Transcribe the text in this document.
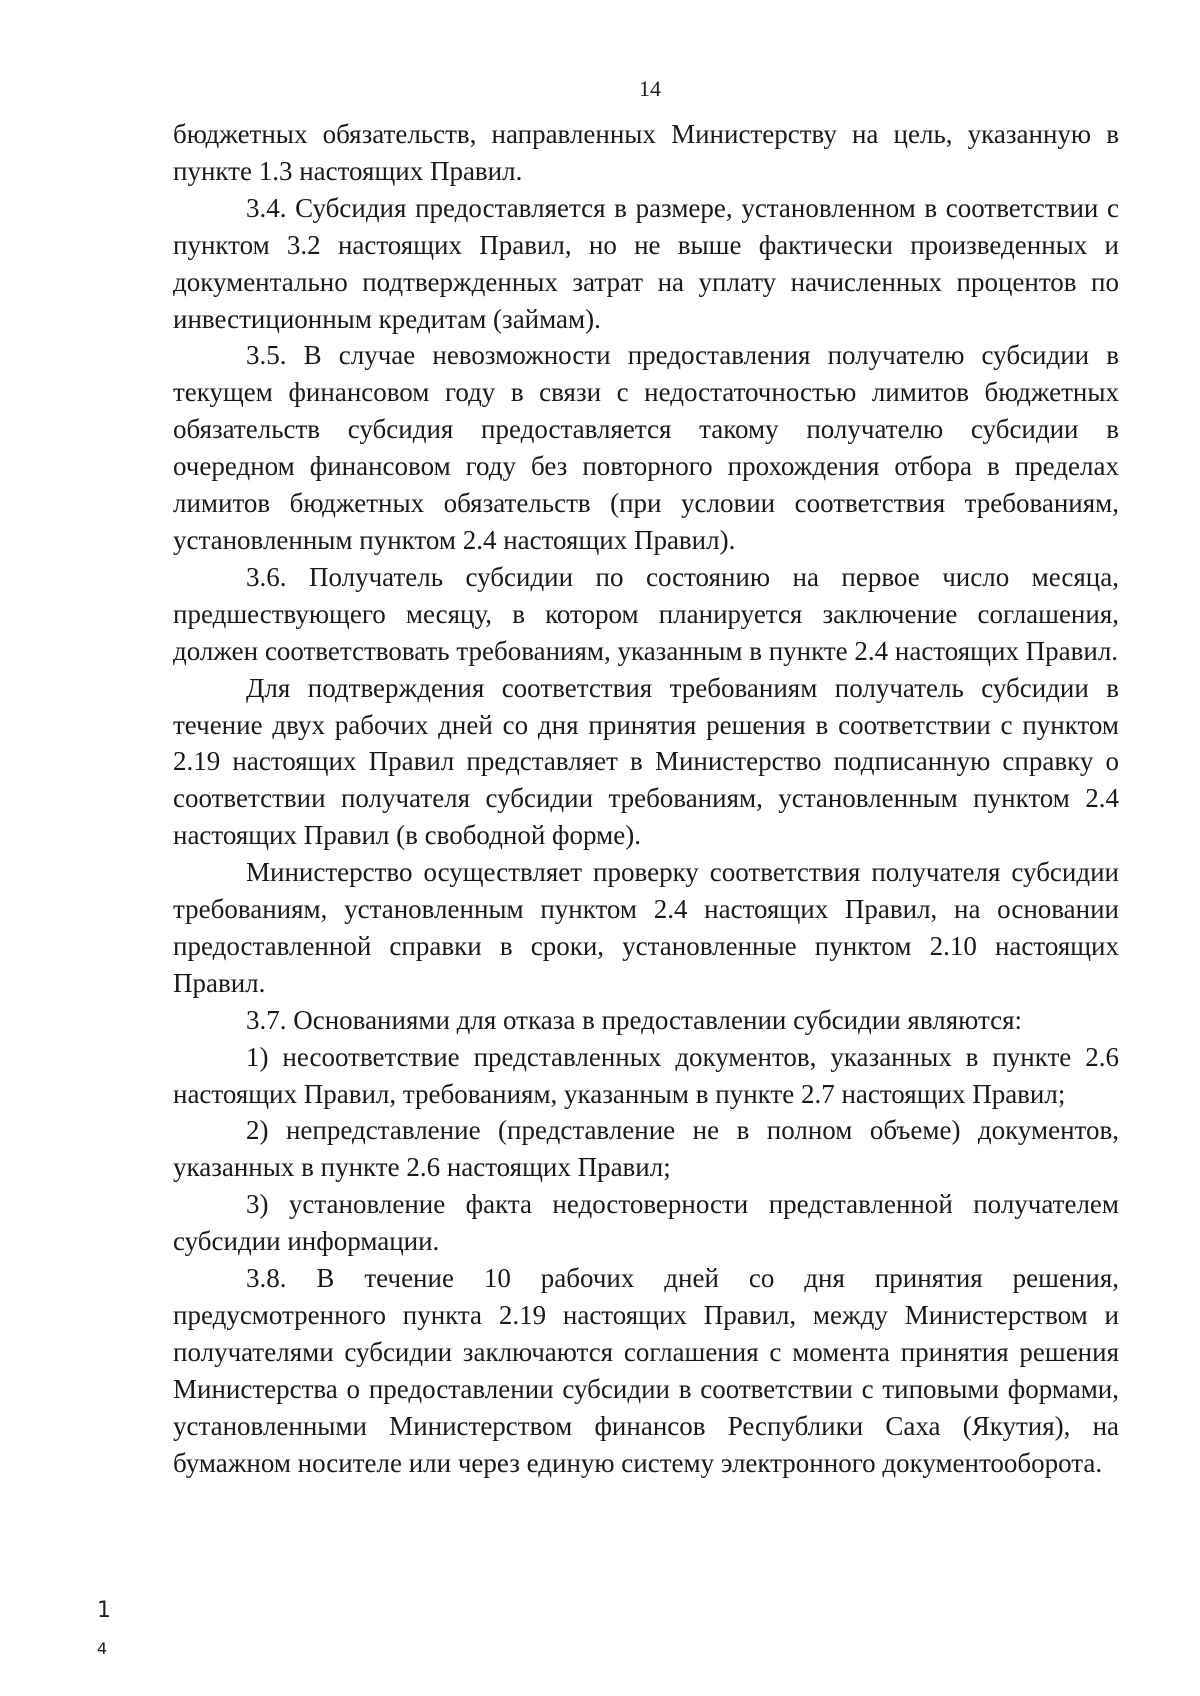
14

бюджетных обязательств, направленных Министерству на цель, указанную в пункте 1.3 настоящих Правил.

3.4. Субсидия предоставляется в размере, установленном в соответствии с пунктом 3.2 настоящих Правил, но не выше фактически произведенных и документально подтвержденных затрат на уплату начисленных процентов по инвестиционным кредитам (займам).

3.5. В случае невозможности предоставления получателю субсидии в текущем финансовом году в связи с недостаточностью лимитов бюджетных обязательств субсидия предоставляется такому получателю субсидии в очередном финансовом году без повторного прохождения отбора в пределах лимитов бюджетных обязательств (при условии соответствия требованиям, установленным пунктом 2.4 настоящих Правил).

3.6. Получатель субсидии по состоянию на первое число месяца, предшествующего месяцу, в котором планируется заключение соглашения, должен соответствовать требованиям, указанным в пункте 2.4 настоящих Правил.

Для подтверждения соответствия требованиям получатель субсидии в течение двух рабочих дней со дня принятия решения в соответствии с пунктом 2.19 настоящих Правил представляет в Министерство подписанную справку о соответствии получателя субсидии требованиям, установленным пунктом 2.4 настоящих Правил (в свободной форме).

Министерство осуществляет проверку соответствия получателя субсидии требованиям, установленным пунктом 2.4 настоящих Правил, на основании предоставленной справки в сроки, установленные пунктом 2.10 настоящих Правил.

3.7. Основаниями для отказа в предоставлении субсидии являются:

1) несоответствие представленных документов, указанных в пункте 2.6 настоящих Правил, требованиям, указанным в пункте 2.7 настоящих Правил;

2) непредставление (представление не в полном объеме) документов, указанных в пункте 2.6 настоящих Правил;

3) установление факта недостоверности представленной получателем субсидии информации.

3.8. В течение 10 рабочих дней со дня принятия решения, предусмотренного пункта 2.19 настоящих Правил, между Министерством и получателями субсидии заключаются соглашения с момента принятия решения Министерства о предоставлении субсидии в соответствии с типовыми формами, установленными Министерством финансов Республики Саха (Якутия), на бумажном носителе или через единую систему электронного документооборота.

1
4
